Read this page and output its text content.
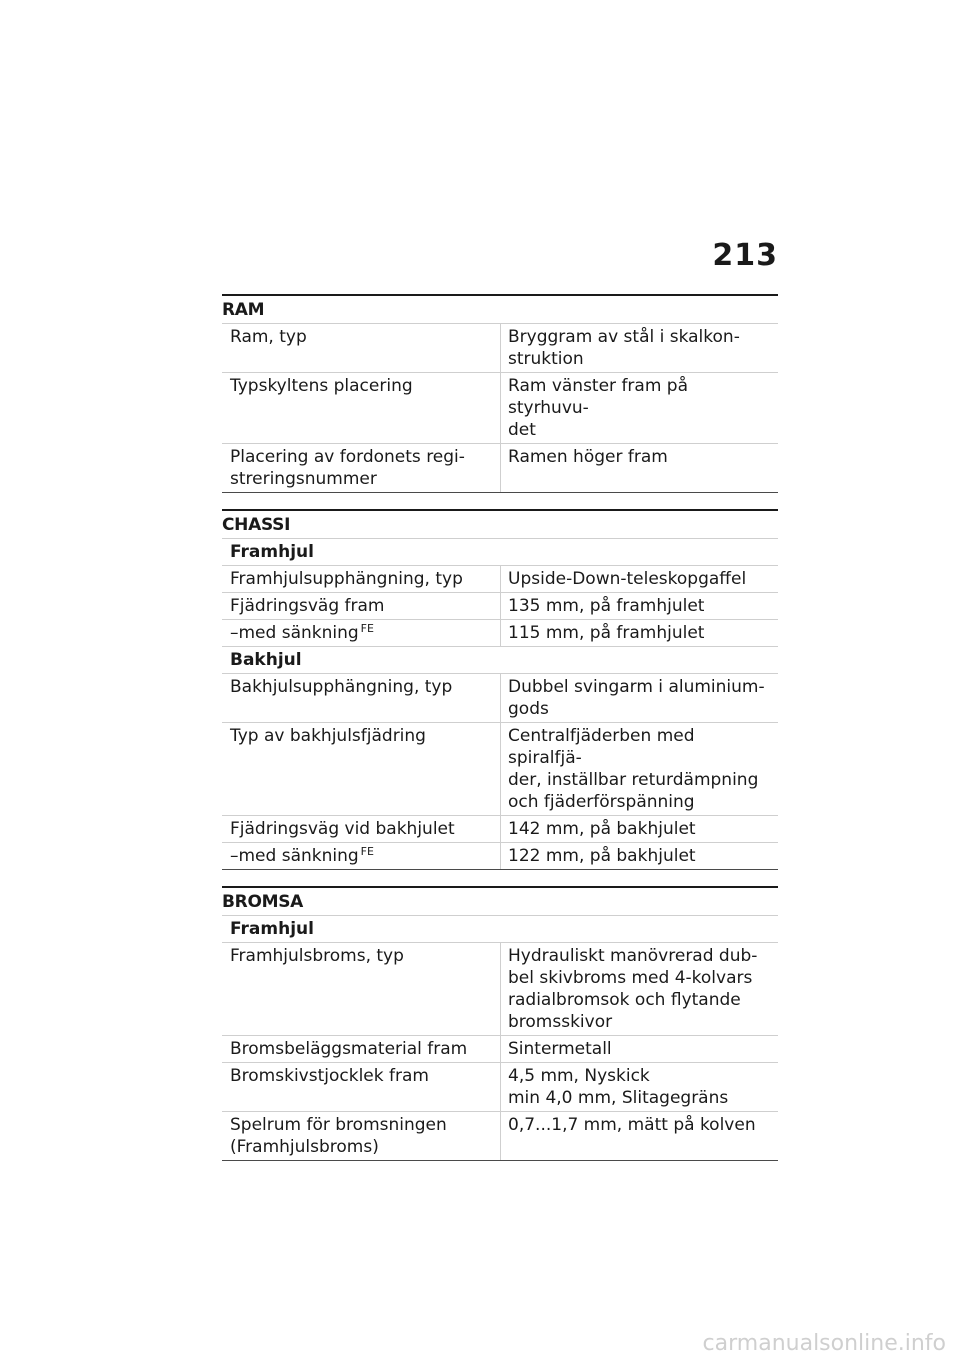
213
RAM
Ram, typ	Bryggram av stål i skalkon-
struktion
Typskyltens placering	Ram vänster fram på styrhuvu-
det
Placering av fordonets regi-
streringsnummer	Ramen höger fram
CHASSI
Framhjul	
Framhjulsupphängning, typ	Upside-Down-teleskopgaffel
Fjädringsväg fram	135 mm, på framhjulet
–med sänkning $^{FE}$	115 mm, på framhjulet
Bakhjul	
Bakhjulsupphängning, typ	Dubbel svingarm i aluminium-
gods
Typ av bakhjulsfjädring	Centralfjäderben med spiralfjä-
der, inställbar returdämpning
och fjäderförspänning
Fjädringsväg vid bakhjulet	142 mm, på bakhjulet
–med sänkning $^{FE}$	122 mm, på bakhjulet
BROMSA
Framhjul	
Framhjulsbroms, typ	Hydrauliskt manövrerad dub-
bel skivbroms med 4-kolvars
radialbromsok och flytande
bromsskivor
Bromsbeläggsmaterial fram	Sintermetall
Bromskivstjocklek fram	4,5 mm, Nyskick
min 4,0 mm, Slitagegräns
Spelrum för bromsningen
(Framhjulsbroms)	0,7...1,7 mm, mätt på kolven
carmanualsonline.info
